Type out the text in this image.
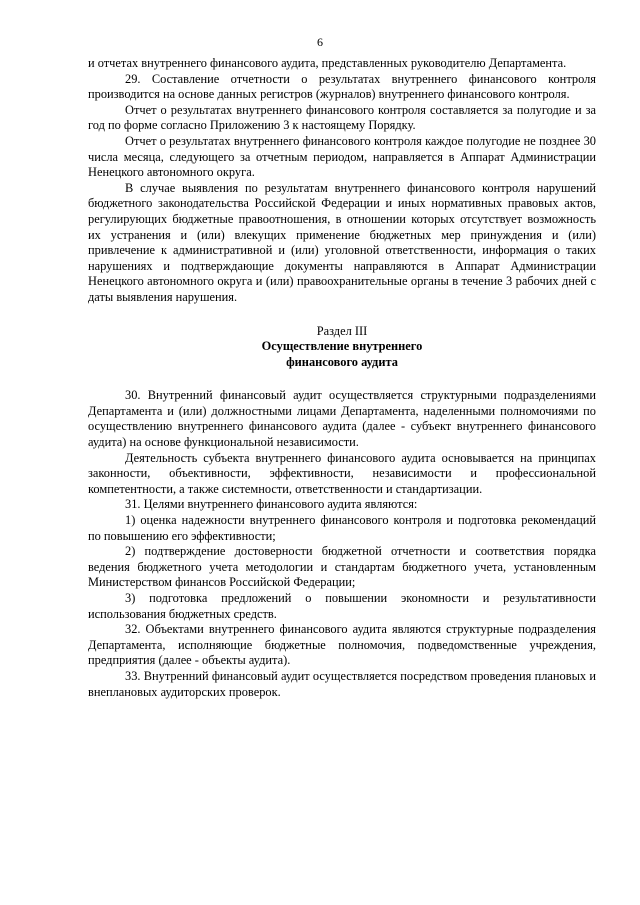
6

и отчетах внутреннего финансового аудита, представленных руководителю Департамента.

29. Составление отчетности о результатах внутреннего финансового контроля производится на основе данных регистров (журналов) внутреннего финансового контроля.

Отчет о результатах внутреннего финансового контроля составляется за полугодие и за год по форме согласно Приложению 3 к настоящему Порядку.

Отчет о результатах внутреннего финансового контроля каждое полугодие не позднее 30 числа месяца, следующего за отчетным периодом, направляется в Аппарат Администрации Ненецкого автономного округа.

В случае выявления по результатам внутреннего финансового контроля нарушений бюджетного законодательства Российской Федерации и иных нормативных правовых актов, регулирующих бюджетные правоотношения, в отношении которых отсутствует возможность их устранения и (или) влекущих применение бюджетных мер принуждения и (или) привлечение к административной и (или) уголовной ответственности, информация о таких нарушениях и подтверждающие документы направляются в Аппарат Администрации Ненецкого автономного округа и (или) правоохранительные органы в течение 3 рабочих дней с даты выявления нарушения.

Раздел III
Осуществление внутреннего
финансового аудита

30. Внутренний финансовый аудит осуществляется структурными подразделениями Департамента и (или) должностными лицами Департамента, наделенными полномочиями по осуществлению внутреннего финансового аудита (далее - субъект внутреннего финансового аудита) на основе функциональной независимости.

Деятельность субъекта внутреннего финансового аудита основывается на принципах законности, объективности, эффективности, независимости и профессиональной компетентности, а также системности, ответственности и стандартизации.

31. Целями внутреннего финансового аудита являются:

1) оценка надежности внутреннего финансового контроля и подготовка рекомендаций по повышению его эффективности;

2) подтверждение достоверности бюджетной отчетности и соответствия порядка ведения бюджетного учета методологии и стандартам бюджетного учета, установленным Министерством финансов Российской Федерации;

3) подготовка предложений о повышении экономности и результативности использования бюджетных средств.

32. Объектами внутреннего финансового аудита являются структурные подразделения Департамента, исполняющие бюджетные полномочия, подведомственные учреждения, предприятия (далее - объекты аудита).

33. Внутренний финансовый аудит осуществляется посредством проведения плановых и внеплановых аудиторских проверок.
